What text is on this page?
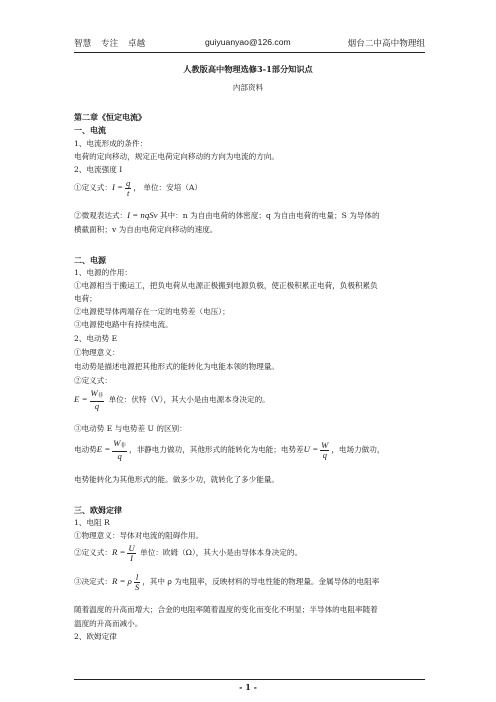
智慧 专注 卓越	guiyuanyao@126.com	烟台二中高中物理组
人教版高中物理选修3-1部分知识点
内部资料
第二章《恒定电流》
一、电流
1、电流形成的条件：
电荷的定向移动，规定正电荷定向移动的方向为电流的方向。
2、电流强度 I
①定义式：$I = \frac{q}{t}$ ， 单位：安培（A）
②微观表达式：I = nqSv 其中：n 为自由电荷的体密度；q 为自由电荷的电量；S 为导体的
横截面积；v 为自由电荷定向移动的速度。
二、电源
1、电源的作用：
①电源相当于搬运工，把负电荷从电源正极搬到电源负极，使正极积累正电荷，负极积累负
电荷；
②电源使导体两端存在一定的电势差（电压）；
③电源使电路中有持续电流。
2、电动势 E
①物理意义：
电动势是描述电源把其他形式的能转化为电能本领的物理量。
②定义式：
E =
W非
q
单位：伏特（V），其大小是由电源本身决定的。
③电动势 E 与电势差 U 的区别：
电动势E =
W非
q
，非静电力做功，其他形式的能转化为电能；电势差$U = \frac{W}{q}$ ，电场力做功，
电势能转化为其他形式的能。做多少功，就转化了多少能量。
三、欧姆定律
1、电阻 R
①物理意义：导体对电流的阻碍作用。
②定义式：$R = \frac{U}{I}$ 单位：欧姆（Ω），其大小是由导体本身决定的。
③决定式：R = ρ $\frac{l}{S}$ ，其中 ρ 为电阻率，反映材料的导电性能的物理量。金属导体的电阻率
随着温度的升高而增大；合金的电阻率随着温度的变化而变化不明显；半导体的电阻率随着
温度的升高而减小。
2、欧姆定律
- 1 -
